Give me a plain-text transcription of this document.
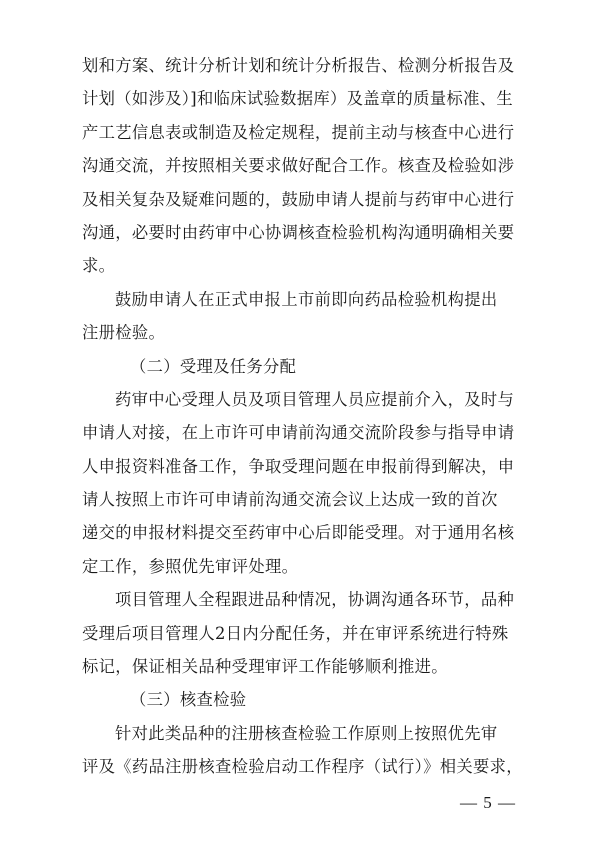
划和方案、统计分析计划和统计分析报告、检测分析报告及
计划（如涉及）]和临床试验数据库）及盖章的质量标准、生
产工艺信息表或制造及检定规程，提前主动与核查中心进行
沟通交流，并按照相关要求做好配合工作。核查及检验如涉
及相关复杂及疑难问题的，鼓励申请人提前与药审中心进行
沟通，必要时由药审中心协调核查检验机构沟通明确相关要
求。
鼓励申请人在正式申报上市前即向药品检验机构提出
注册检验。
（二）受理及任务分配
药审中心受理人员及项目管理人员应提前介入，及时与
申请人对接，在上市许可申请前沟通交流阶段参与指导申请
人申报资料准备工作，争取受理问题在申报前得到解决，申
请人按照上市许可申请前沟通交流会议上达成一致的首次
递交的申报材料提交至药审中心后即能受理。对于通用名核
定工作，参照优先审评处理。
项目管理人全程跟进品种情况，协调沟通各环节，品种
受理后项目管理人2日内分配任务，并在审评系统进行特殊
标记，保证相关品种受理审评工作能够顺利推进。
（三）核查检验
针对此类品种的注册核查检验工作原则上按照优先审
评及《药品注册核查检验启动工作程序（试行）》相关要求，
— 5 —
